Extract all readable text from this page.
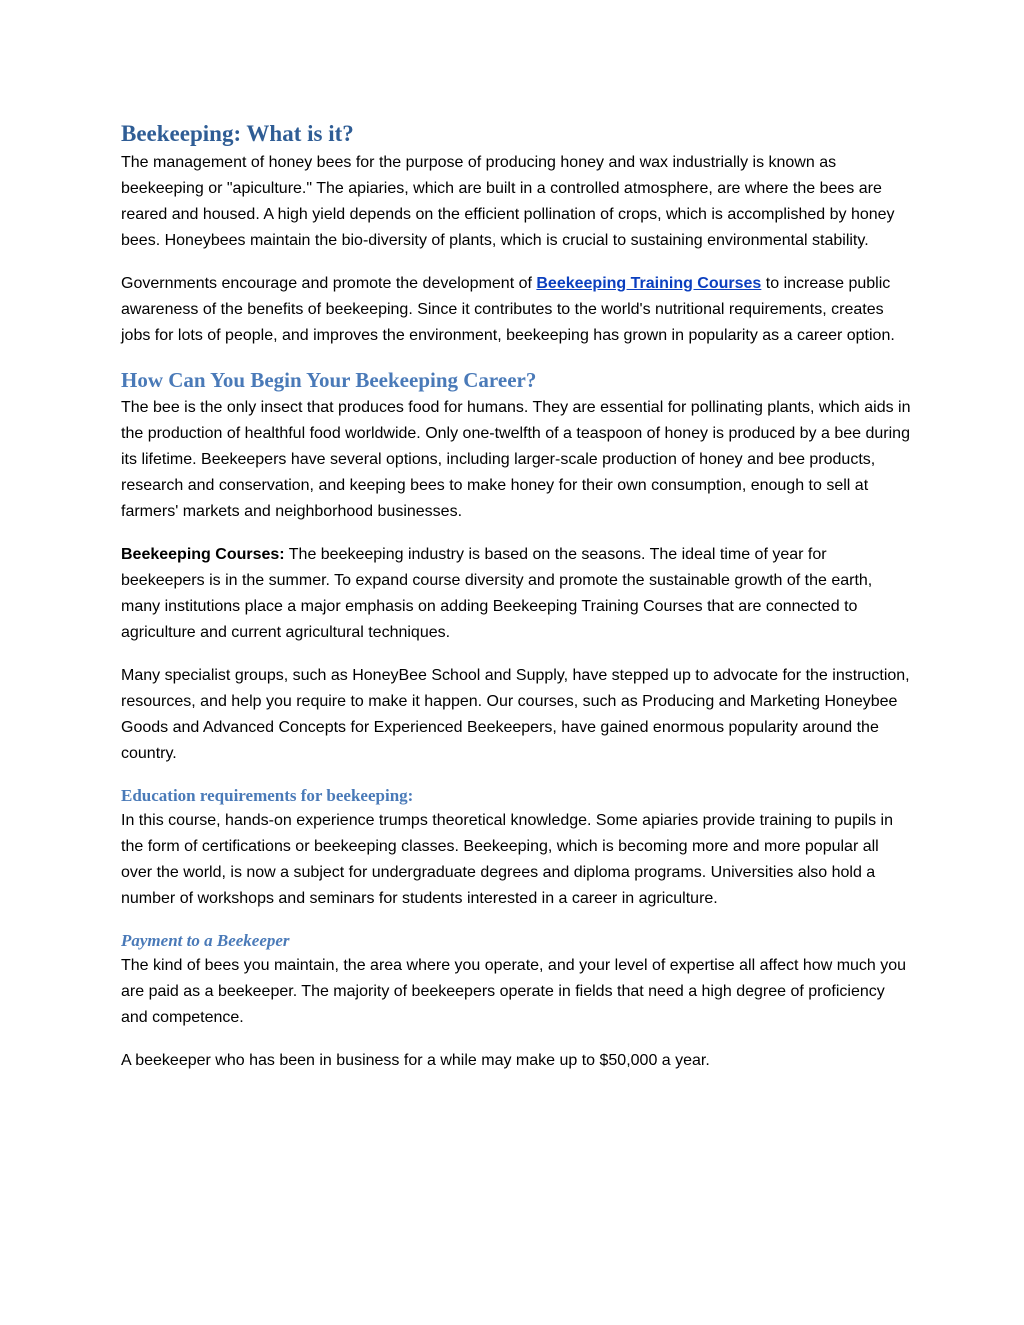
Beekeeping: What is it?

The management of honey bees for the purpose of producing honey and wax industrially is known as beekeeping or "apiculture." The apiaries, which are built in a controlled atmosphere, are where the bees are reared and housed. A high yield depends on the efficient pollination of crops, which is accomplished by honey bees. Honeybees maintain the bio-diversity of plants, which is crucial to sustaining environmental stability.

Governments encourage and promote the development of Beekeeping Training Courses to increase public awareness of the benefits of beekeeping. Since it contributes to the world's nutritional requirements, creates jobs for lots of people, and improves the environment, beekeeping has grown in popularity as a career option.

How Can You Begin Your Beekeeping Career?

The bee is the only insect that produces food for humans. They are essential for pollinating plants, which aids in the production of healthful food worldwide. Only one-twelfth of a teaspoon of honey is produced by a bee during its lifetime. Beekeepers have several options, including larger-scale production of honey and bee products, research and conservation, and keeping bees to make honey for their own consumption, enough to sell at farmers' markets and neighborhood businesses.

Beekeeping Courses: The beekeeping industry is based on the seasons. The ideal time of year for beekeepers is in the summer. To expand course diversity and promote the sustainable growth of the earth, many institutions place a major emphasis on adding Beekeeping Training Courses that are connected to agriculture and current agricultural techniques.

Many specialist groups, such as HoneyBee School and Supply, have stepped up to advocate for the instruction, resources, and help you require to make it happen. Our courses, such as Producing and Marketing Honeybee Goods and Advanced Concepts for Experienced Beekeepers, have gained enormous popularity around the country.

Education requirements for beekeeping:

In this course, hands-on experience trumps theoretical knowledge. Some apiaries provide training to pupils in the form of certifications or beekeeping classes. Beekeeping, which is becoming more and more popular all over the world, is now a subject for undergraduate degrees and diploma programs. Universities also hold a number of workshops and seminars for students interested in a career in agriculture.

Payment to a Beekeeper

The kind of bees you maintain, the area where you operate, and your level of expertise all affect how much you are paid as a beekeeper. The majority of beekeepers operate in fields that need a high degree of proficiency and competence.

A beekeeper who has been in business for a while may make up to $50,000 a year.
